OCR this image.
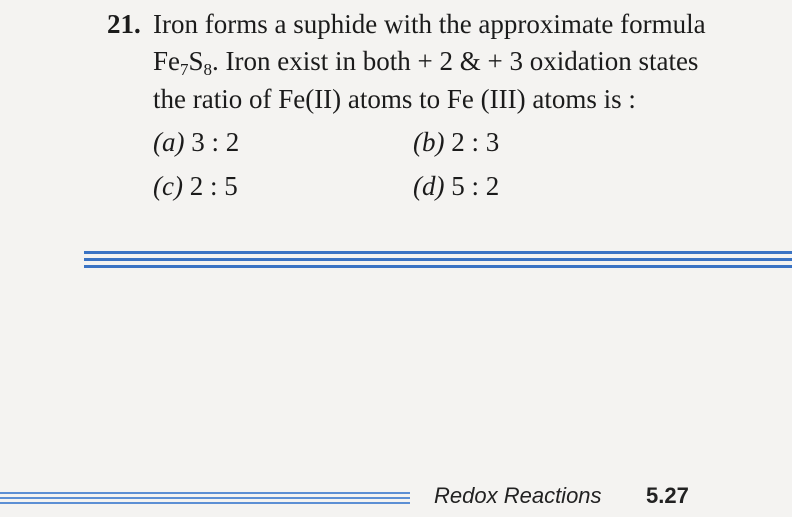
21. Iron forms a suphide with the approximate formula
$Fe_7S_8$. Iron exist in both + 2 & + 3 oxidation states
the ratio of Fe(II) atoms to Fe (III) atoms is :
(a) 3 : 2	(b) 2 : 3
(c) 2 : 5	(d) 5 : 2
Redox Reactions 5.27
